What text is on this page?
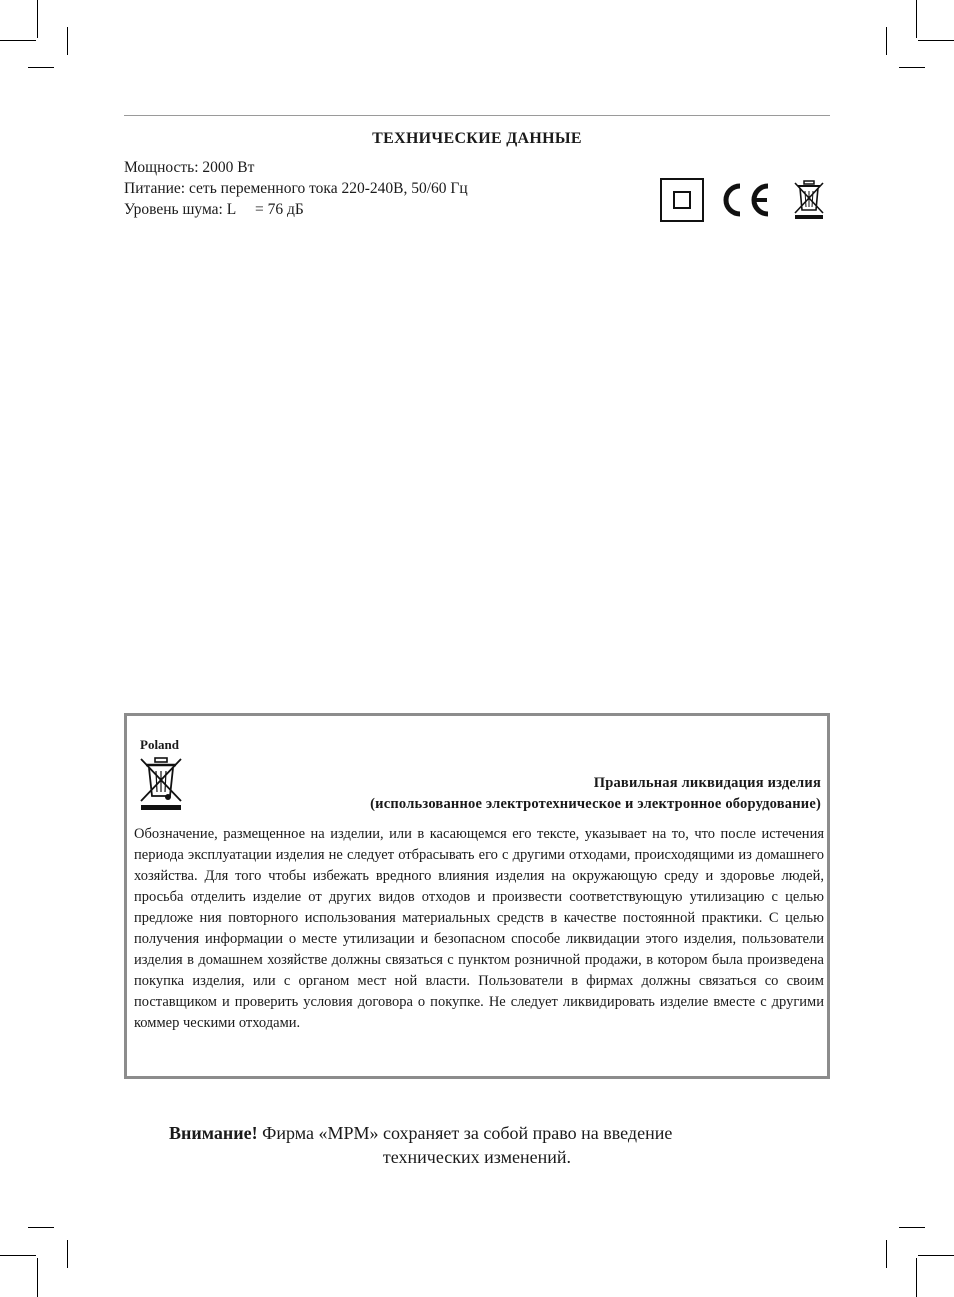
ТЕХНИЧЕСКИЕ ДАННЫЕ
Мощность: 2000 Вт
Питание: сеть переменного тока 220-240В, 50/60 Гц
Уровень шума: L     = 76 дБ
Poland
Правильная ликвидация изделия
(использованное электротехническое и электронное оборудование)
Обозначение, размещенное на изделии, или в касающемся его тексте, указывает на то, что после истечения периода эксплуатации изделия не следует отбрасывать его с другими отходами, происходящими из домашнего хозяйства. Для того чтобы избежать вредного влияния изделия на окружающую среду и здоровье людей, просьба отделить изделие от других видов отходов и произвести соответствующую утилизацию с целью предложе ния повторного использования материальных средств в качестве постоянной практики. С целью получения информации о месте утилизации и безопасном способе ликвидации этого изделия, пользователи изделия в домашнем хозяйстве должны связаться с пунктом розничной продажи, в котором была произведена покупка изделия, или с органом мест ной власти. Пользователи в фирмах должны связаться со своим поставщиком и проверить условия договора о покупке. Не следует ликвидировать изделие вместе с другими коммер ческими отходами.
Внимание! Фирма «MPM» сохраняет за собой право на введение
технических изменений.
